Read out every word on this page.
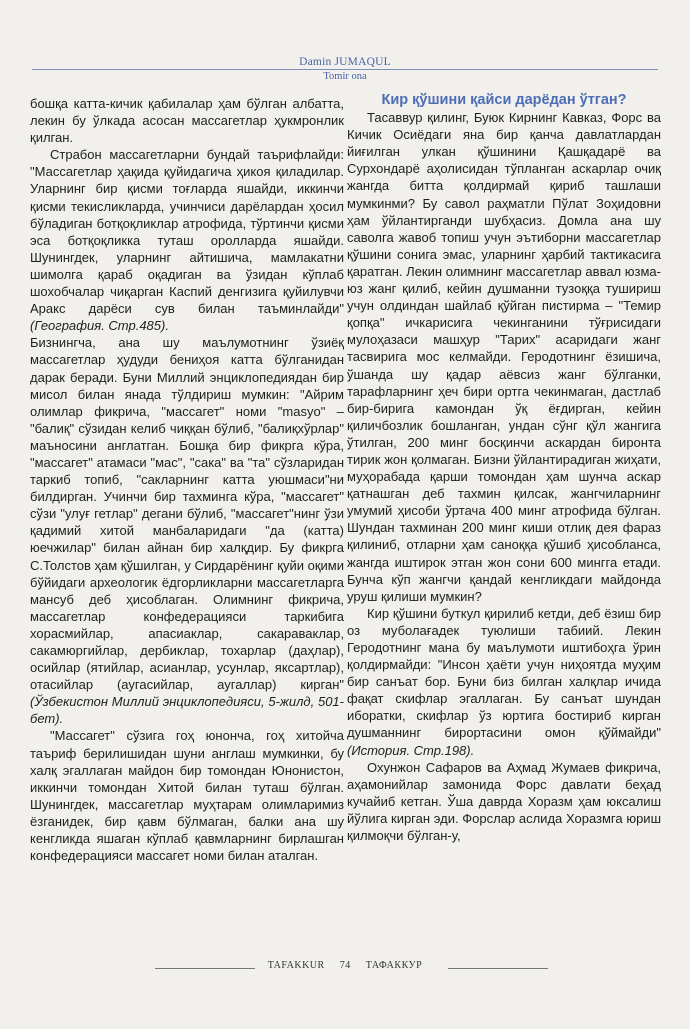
Damin JUMAQUL
Tomir ona

бошқа катта-кичик қабилалар ҳам бўлган албатта, лекин бу ўлкада асосан массагетлар ҳукмронлик қилган.

Страбон массагетларни бундай таърифлайди: "Массагетлар ҳақида қуйидагича ҳикоя қиладилар. Уларнинг бир қисми тоғларда яшайди, иккинчи қисми текисликларда, учинчиси дарёлардан ҳосил бўладиган ботқоқликлар атрофида, тўртинчи қисми эса ботқоқликка туташ оролларда яшайди. Шунингдек, уларнинг айтишича, мамлакатни шимолга қараб оқадиган ва ўзидан кўплаб шохобчалар чиқарган Каспий денгизига қуйилувчи Аракс дарёси сув билан таъминлайди" (География. Стр.485).

Бизнингча, ана шу маълумотнинг ўзиёқ массагетлар ҳудуди бениҳоя катта бўлганидан дарак беради. Буни Миллий энциклопедиядан бир мисол билан янада тўлдириш мумкин: "Айрим олимлар фикрича, "массагет" номи "masyo" – "балиқ" сўзидан келиб чиққан бўлиб, "балиқхўрлар" маъносини англатган. Бошқа бир фикрга кўра, "массагет" атамаси "мас", "сака" ва "та" сўзларидан таркиб топиб, "сакларнинг катта уюшмаси"ни билдирган. Учинчи бир тахминга кўра, "массагет" сўзи "улуғ гетлар" дегани бўлиб, "массагет"нинг ўзи қадимий хитой манбаларидаги "да (катта) юечжилар" билан айнан бир халқдир. Бу фикрга С.Толстов ҳам қўшилган, у Сирдарёнинг қуйи оқими бўйидаги археологик ёдгорликларни массагетларга мансуб деб ҳисоблаган. Олимнинг фикрича, массагетлар конфедерацияси таркибига хорасмийлар, апасиаклар, сакараваклар, сакамюргийлар, дербиклар, тохарлар (даҳлар), осийлар (ятийлар, асианлар, усунлар, яксартлар), отасийлар (аугасийлар, аугаллар) кирган" (Ўзбекистон Миллий энциклопедияси, 5-жилд, 501-бет).

"Массагет" сўзига гоҳ юнонча, гоҳ хитойча таъриф берилишидан шуни англаш мумкинки, бу халқ эгаллаган майдон бир томондан Юнонистон, иккинчи томондан Хитой билан туташ бўлган. Шунингдек, массагетлар муҳтарам олимларимиз ёзганидек, бир қавм бўлмаган, балки ана шу кенгликда яшаган кўплаб қавмларнинг бирлашган конфедерацияси массагет номи билан аталган.

Кир қўшини қайси дарёдан ўтган?

Тасаввур қилинг, Буюк Кирнинг Кавказ, Форс ва Кичик Осиёдаги яна бир қанча давлатлардан йиғилган улкан қўшинини Қашқадарё ва Сурхондарё аҳолисидан тўпланган аскарлар очиқ жангда битта қолдирмай қириб ташлаши мумкинми? Бу савол раҳматли Пўлат Зоҳидовни ҳам ўйлантирганди шубҳасиз. Домла ана шу саволга жавоб топиш учун эътиборни массагетлар қўшини сонига эмас, уларнинг ҳарбий тактикасига қаратган. Лекин олимнинг массагетлар аввал юзма-юз жанг қилиб, кейин душманни тузоққа тушириш учун олдиндан шайлаб қўйган пистирма – "Темир қопқа" ичкарисига чекинганини тўғрисидаги мулоҳазаси машҳур "Тарих" асаридаги жанг тасвирига мос келмайди. Геродотнинг ёзишича, ўшанда шу қадар аёвсиз жанг бўлганки, тарафларнинг ҳеч бири ортга чекинмаган, дастлаб бир-бирига камондан ўқ ёғдирган, кейин қиличбозлик бошланган, ундан сўнг қўл жангига ўтилган, 200 минг босқинчи аскардан биронта тирик жон қолмаган. Бизни ўйлантирадиган жиҳати, муҳорабада қарши томондан ҳам шунча аскар қатнашган деб тахмин қилсак, жангчиларнинг умумий ҳисоби ўртача 400 минг атрофида бўлган. Шундан тахминан 200 минг киши отлиқ дея фараз қилиниб, отларни ҳам саноққа қўшиб ҳисобланса, жангда иштирок этган жон сони 600 мингга етади. Бунча кўп жангчи қандай кенгликдаги майдонда уруш қилиши мумкин?

Кир қўшини буткул қирилиб кетди, деб ёзиш бир оз муболағадек туюлиши табиий. Лекин Геродотнинг мана бу маълумоти иштибоҳга ўрин қолдирмайди: "Инсон ҳаёти учун ниҳоятда муҳим бир санъат бор. Буни биз билган халқлар ичида фақат скифлар эгаллаган. Бу санъат шундан иборатки, скифлар ўз юртига бостириб кирган душманнинг бирортасини омон қўймайди" (История. Стр.198).

Охунжон Сафаров ва Аҳмад Жумаев фикрича, аҳамонийлар замонида Форс давлати беҳад кучайиб кетган. Ўша даврда Хоразм ҳам юксалиш йўлига кирган эди. Форслар аслида Хоразмга юриш қилмоқчи бўлган-у,

TAFAKKUR 74 ТАФАККУР
